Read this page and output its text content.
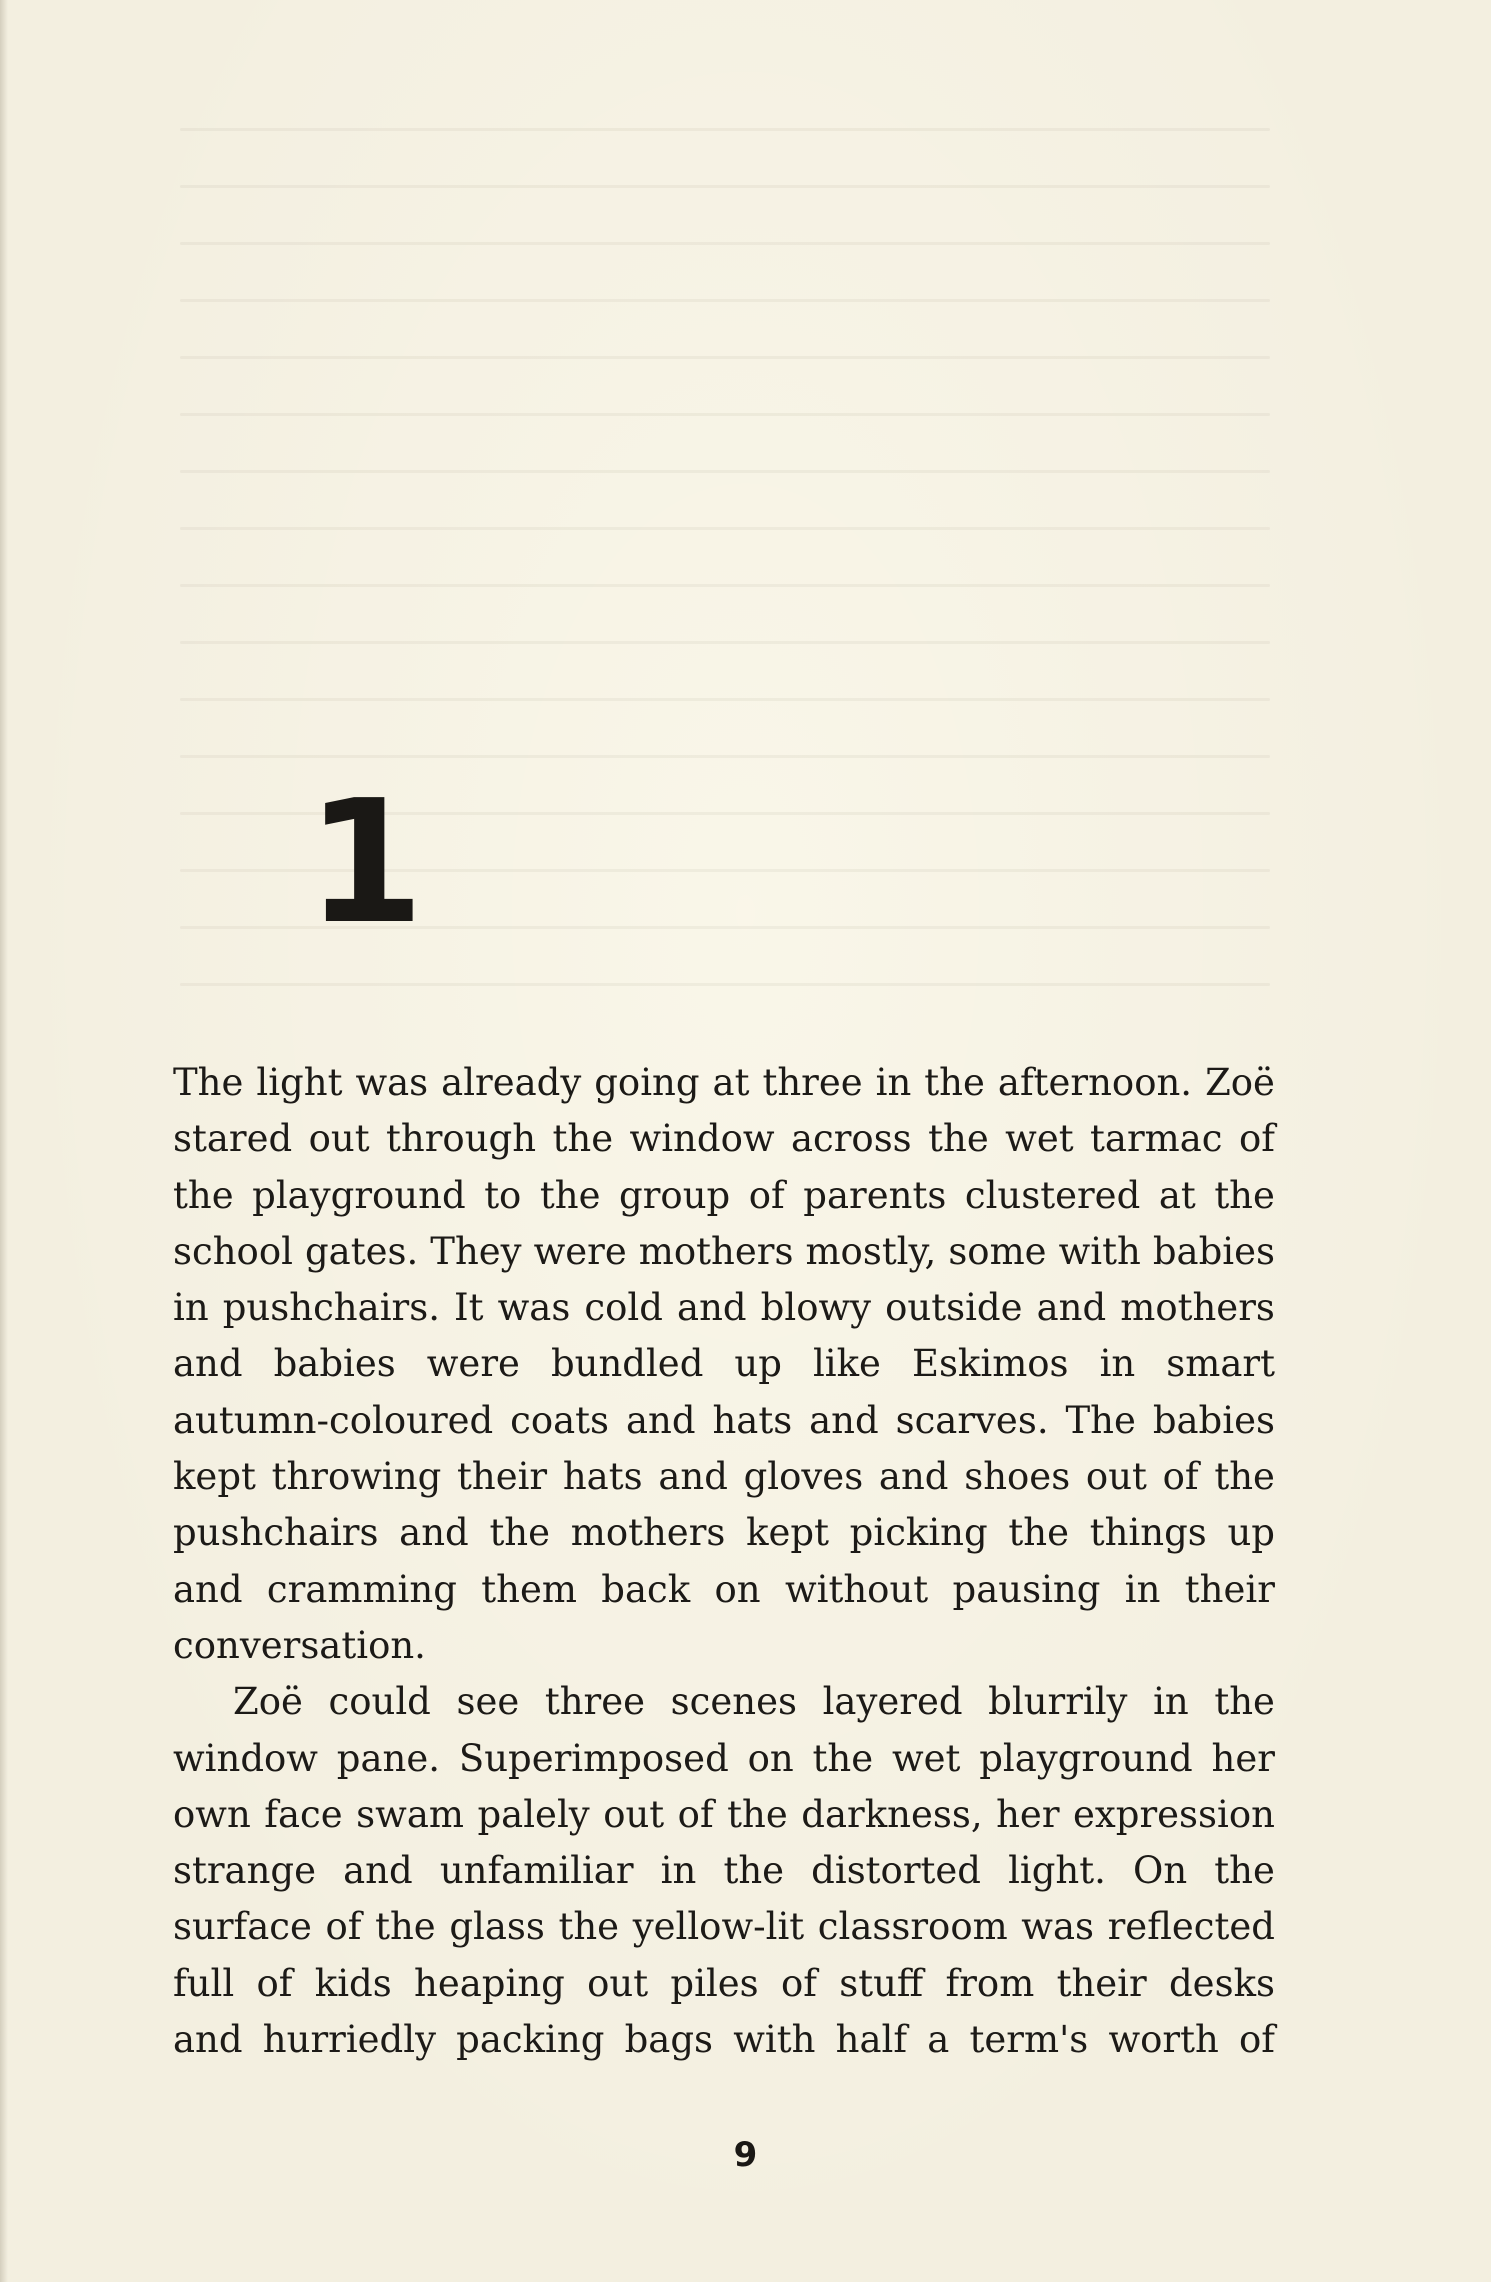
1
The light was already going at three in the afternoon. Zoë
stared out through the window across the wet tarmac of
the playground to the group of parents clustered at the
school gates. They were mothers mostly, some with babies
in pushchairs. It was cold and blowy outside and mothers
and babies were bundled up like Eskimos in smart
autumn-coloured coats and hats and scarves. The babies
kept throwing their hats and gloves and shoes out of the
pushchairs and the mothers kept picking the things up
and cramming them back on without pausing in their
conversation.
Zoë could see three scenes layered blurrily in the
window pane. Superimposed on the wet playground her
own face swam palely out of the darkness, her expression
strange and unfamiliar in the distorted light. On the
surface of the glass the yellow-lit classroom was reflected
full of kids heaping out piles of stuff from their desks
and hurriedly packing bags with half a term's worth of
9
